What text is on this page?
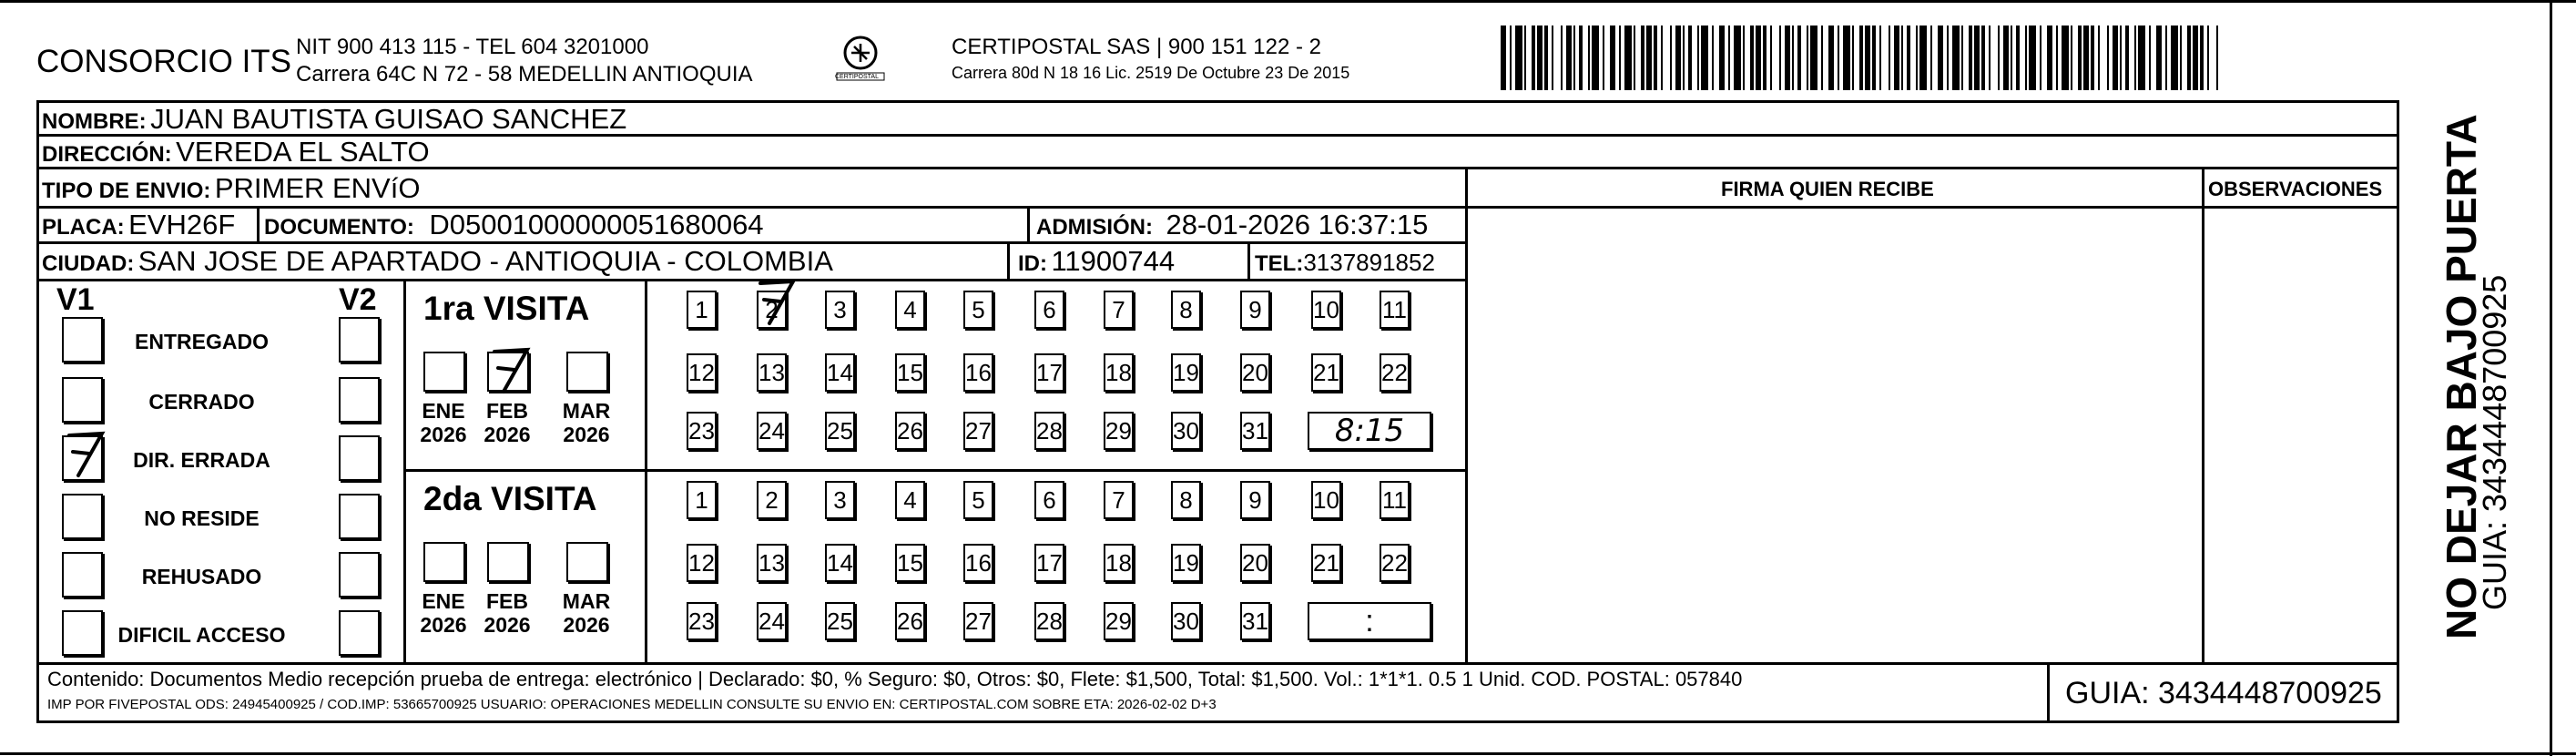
CONSORCIO ITS NIT 900 413 115 - TEL 604 3201000
Carrera 64C N 72 - 58 MEDELLIN ANTIOQUIA	CERTIPOSTAL
CERTIPOSTAL SAS | 900 151 122 - 2
Carrera 80d N 18 16 Lic. 2519 De Octubre 23 De 2015
NOMBRE: JUAN BAUTISTA GUISAO SANCHEZ
DIRECCIÓN: VEREDA EL SALTO
TIPO DE ENVIO: PRIMER ENVíO	FIRMA QUIEN RECIBE	OBSERVACIONES
PLACA: EVH26F DOCUMENTO: D05001000000051680064	ADMISIÓN: 28-01-2026 16:37:15
CIUDAD: SAN JOSE DE APARTADO - ANTIOQUIA - COLOMBIA	ID: 11900744	TEL:3137891852
V1	V2	NO DEJAR BAJO PUERTA
GUIA: 3434448700925
Contenido: Documentos Medio recepción prueba de entrega: electrónico | Declarado: $0, % Seguro: $0, Otros: $0, Flete: $1,500, Total: $1,500. Vol.: 1*1*1. 0.5 1 Unid. COD. POSTAL: 057840
IMP POR FIVEPOSTAL ODS: 24945400925 / COD.IMP: 53665700925 USUARIO: OPERACIONES MEDELLIN CONSULTE SU ENVIO EN: CERTIPOSTAL.COM SOBRE ETA: 2026-02-02 D+3	GUIA: 3434448700925
ENTREGADO
CERRADO
DIR. ERRADA
NO RESIDE
REHUSADO
DIFICIL ACCESO
1ra VISITA
ENE
2026
FEB
2026
MAR
2026
1 2 3 4 5 6 7 8 9 10 11
12 13 14 15 16 17 18 19 20 21 22
23 24 25 26 27 28 29 30 31 8:15
2da VISITA
ENE
2026
FEB
2026
MAR
2026
1 2 3 4 5 6 7 8 9 10 11
12 13 14 15 16 17 18 19 20 21 22
23 24 25 26 27 28 29 30 31	:
